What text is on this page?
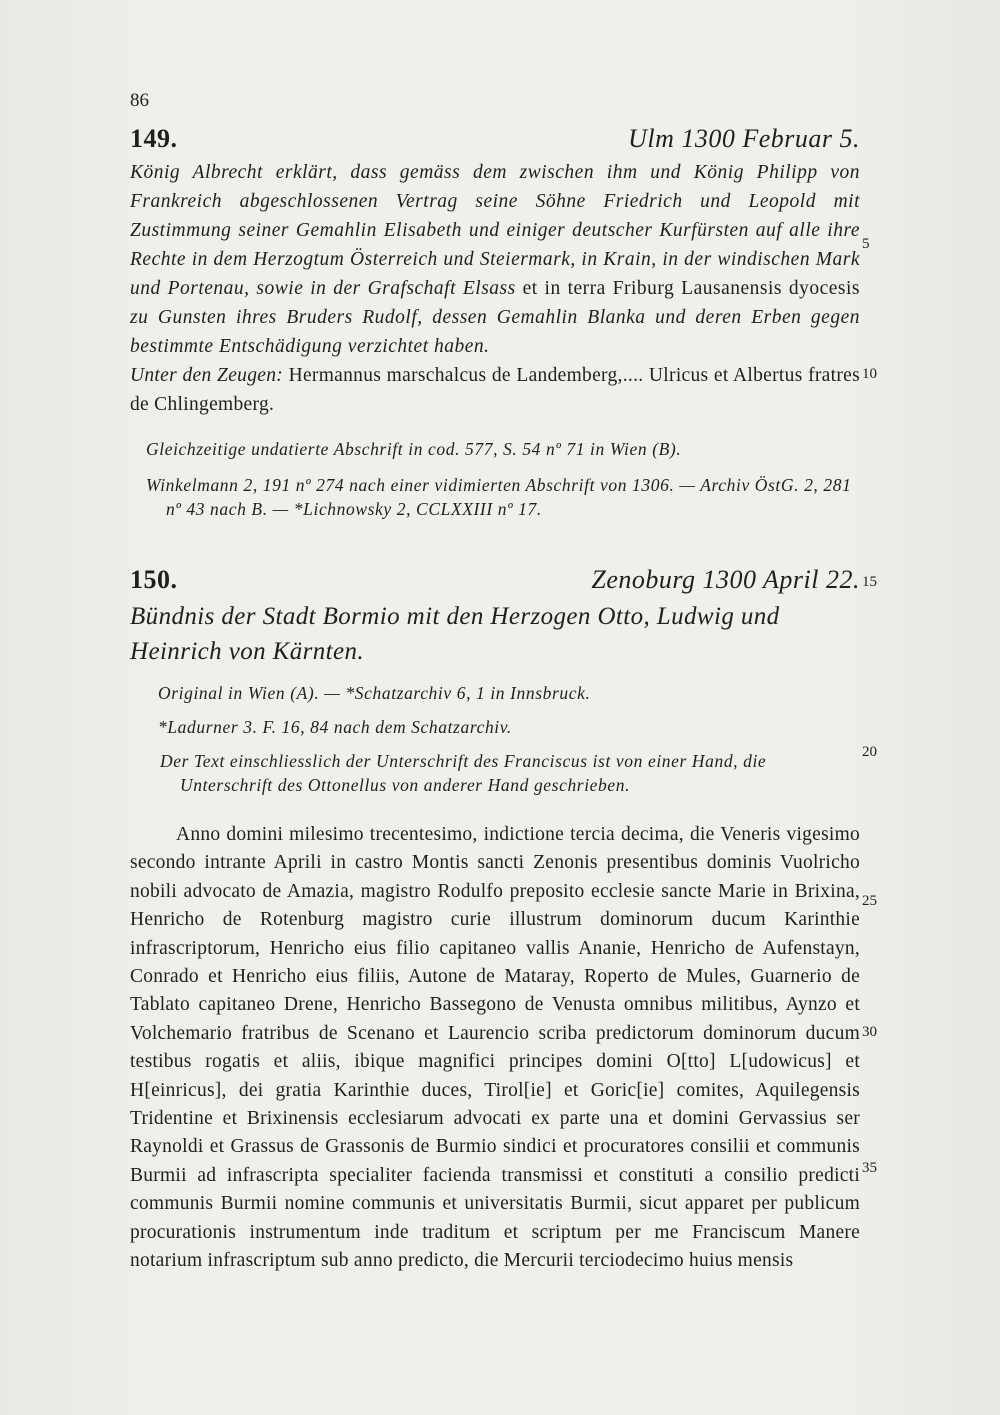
86
149.	Ulm 1300 Februar 5.
König Albrecht erklärt, dass gemäss dem zwischen ihm und König Philipp von Frankreich abgeschlossenen Vertrag seine Söhne Friedrich und Leopold mit Zustimmung seiner Gemahlin Elisabeth und einiger deutscher Kurfürsten auf alle ihre Rechte in dem Herzogtum Österreich und Steiermark, in Krain, in der windischen Mark und Portenau, sowie in der Grafschaft Elsass et in terra Friburg Lausanensis dyocesis zu Gunsten ihres Bruders Rudolf, dessen Gemahlin Blanka und deren Erben gegen bestimmte Entschädigung verzichtet haben.
Unter den Zeugen: Hermannus marschalcus de Landemberg,.... Ulricus et Albertus fratres de Chlingemberg.
Gleichzeitige undatierte Abschrift in cod. 577, S. 54 nº 71 in Wien (B).
Winkelmann 2, 191 nº 274 nach einer vidimierten Abschrift von 1306. — Archiv ÖstG. 2, 281 nº 43 nach B. — *Lichnowsky 2, CCLXXIII nº 17.
150.	Zenoburg 1300 April 22.
Bündnis der Stadt Bormio mit den Herzogen Otto, Ludwig und Heinrich von Kärnten.
Original in Wien (A). — *Schatzarchiv 6, 1 in Innsbruck.
*Ladurner 3. F. 16, 84 nach dem Schatzarchiv.
Der Text einschliesslich der Unterschrift des Franciscus ist von einer Hand, die Unterschrift des Ottonellus von anderer Hand geschrieben.

Anno domini milesimo trecentesimo, indictione tercia decima, die Veneris vigesimo secondo intrante Aprili in castro Montis sancti Zenonis presentibus dominis Vuolricho nobili advocato de Amazia, magistro Rodulfo preposito ecclesie sancte Marie in Brixina, Henricho de Rotenburg magistro curie illustrum dominorum ducum Karinthie infrascriptorum, Henricho eius filio capitaneo vallis Ananie, Henricho de Aufenstayn, Conrado et Henricho eius filiis, Autone de Mataray, Roperto de Mules, Guarnerio de Tablato capitaneo Drene, Henricho Bassegono de Venusta omnibus militibus, Aynzo et Volchemario fratribus de Scenano et Laurencio scriba predictorum dominorum ducum testibus rogatis et aliis, ibique magnifici principes domini O[tto] L[udowicus] et H[einricus], dei gratia Karinthie duces, Tirol[ie] et Goric[ie] comites, Aquilegensis Tridentine et Brixinensis ecclesiarum advocati ex parte una et domini Gervassius ser Raynoldi et Grassus de Grassonis de Burmio sindici et procuratores consilii et communis Burmii ad infrascripta specialiter facienda transmissi et constituti a consilio predicti communis Burmii nomine communis et universitatis Burmii, sicut apparet per publicum procurationis instrumentum inde traditum et scriptum per me Franciscum Manere notarium infrascriptum sub anno predicto, die Mercurii terciodecimo huius mensis

5
10
15
20
25
30
35
